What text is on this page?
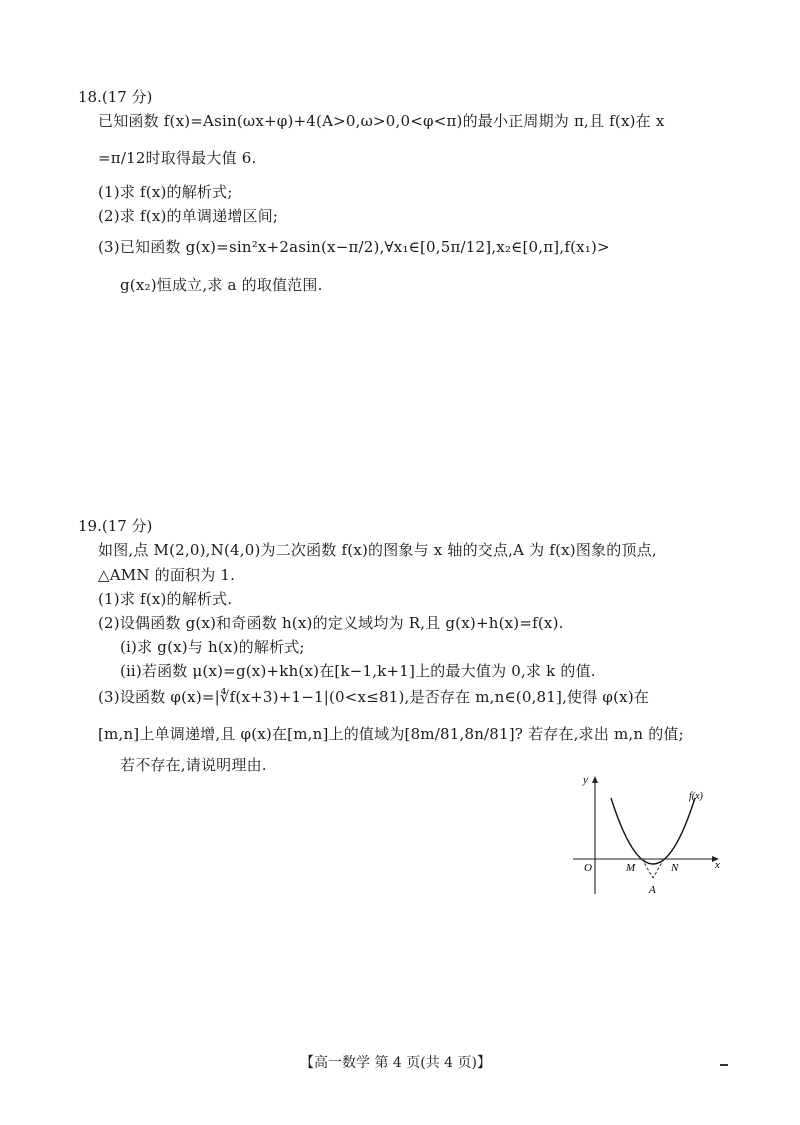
18.(17 分)
已知函数 f(x)=Asin(ωx+φ)+4(A>0,ω>0,0<φ<π)的最小正周期为 π,且 f(x)在 x
=π/12时取得最大值 6.
(1)求 f(x)的解析式;
(2)求 f(x)的单调递增区间;
(3)已知函数 g(x)=sin²x+2asin(x−π/2),∀x₁∈[0,5π/12],x₂∈[0,π],f(x₁)>
g(x₂)恒成立,求 a 的取值范围.
19.(17 分)
如图,点 M(2,0),N(4,0)为二次函数 f(x)的图象与 x 轴的交点,A 为 f(x)图象的顶点,
△AMN 的面积为 1.
(1)求 f(x)的解析式.
(2)设偶函数 g(x)和奇函数 h(x)的定义域均为 R,且 g(x)+h(x)=f(x).
(ⅰ)求 g(x)与 h(x)的解析式;
(ⅱ)若函数 μ(x)=g(x)+kh(x)在[k−1,k+1]上的最大值为 0,求 k 的值.
(3)设函数 φ(x)=|∜f(x+3)+1−1|(0<x≤81),是否存在 m,n∈(0,81],使得 φ(x)在
[m,n]上单调递增,且 φ(x)在[m,n]上的值域为[8m/81,8n/81]? 若存在,求出 m,n 的值;
若不存在,请说明理由.
y
x
O	M	N
A
f(x)
【高一数学 第 4 页(共 4 页)】
